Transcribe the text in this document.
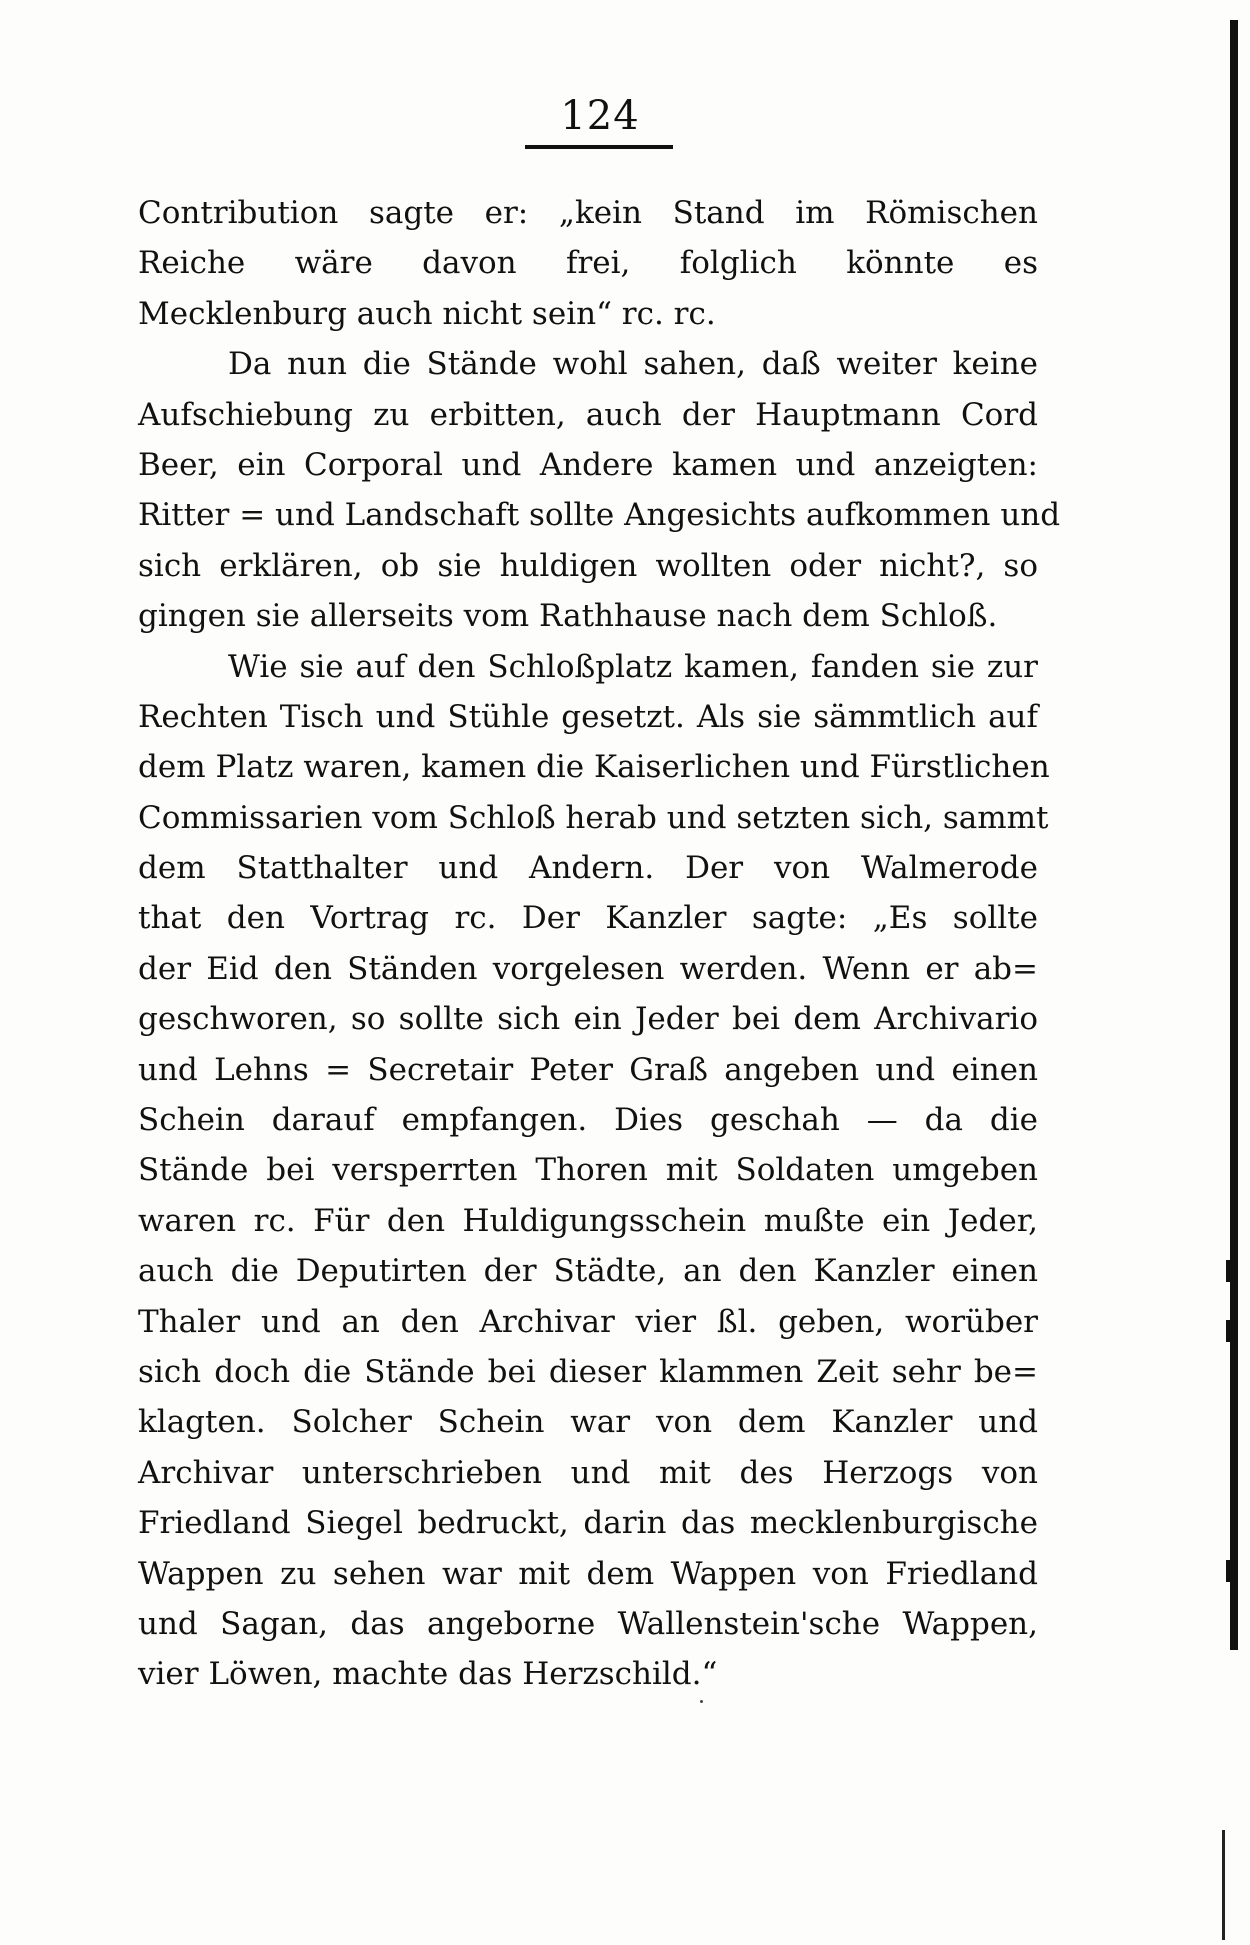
124
Contribution sagte er: „kein Stand im Römischen
Reiche wäre davon frei, folglich könnte es
Mecklenburg auch nicht sein“ rc. rc.
Da nun die Stände wohl sahen, daß weiter keine
Aufschiebung zu erbitten, auch der Hauptmann Cord
Beer, ein Corporal und Andere kamen und anzeigten:
Ritter = und Landschaft sollte Angesichts aufkommen und
sich erklären, ob sie huldigen wollten oder nicht?, so
gingen sie allerseits vom Rathhause nach dem Schloß.
Wie sie auf den Schloßplatz kamen, fanden sie zur
Rechten Tisch und Stühle gesetzt. Als sie sämmtlich auf
dem Platz waren, kamen die Kaiserlichen und Fürstlichen
Commissarien vom Schloß herab und setzten sich, sammt
dem Statthalter und Andern. Der von Walmerode
that den Vortrag rc. Der Kanzler sagte: „Es sollte
der Eid den Ständen vorgelesen werden. Wenn er ab=
geschworen, so sollte sich ein Jeder bei dem Archivario
und Lehns = Secretair Peter Graß angeben und einen
Schein darauf empfangen. Dies geschah — da die
Stände bei versperrten Thoren mit Soldaten umgeben
waren rc. Für den Huldigungsschein mußte ein Jeder,
auch die Deputirten der Städte, an den Kanzler einen
Thaler und an den Archivar vier ßl. geben, worüber
sich doch die Stände bei dieser klammen Zeit sehr be=
klagten. Solcher Schein war von dem Kanzler und
Archivar unterschrieben und mit des Herzogs von
Friedland Siegel bedruckt, darin das mecklenburgische
Wappen zu sehen war mit dem Wappen von Friedland
und Sagan, das angeborne Wallenstein'sche Wappen,
vier Löwen, machte das Herzschild.“
